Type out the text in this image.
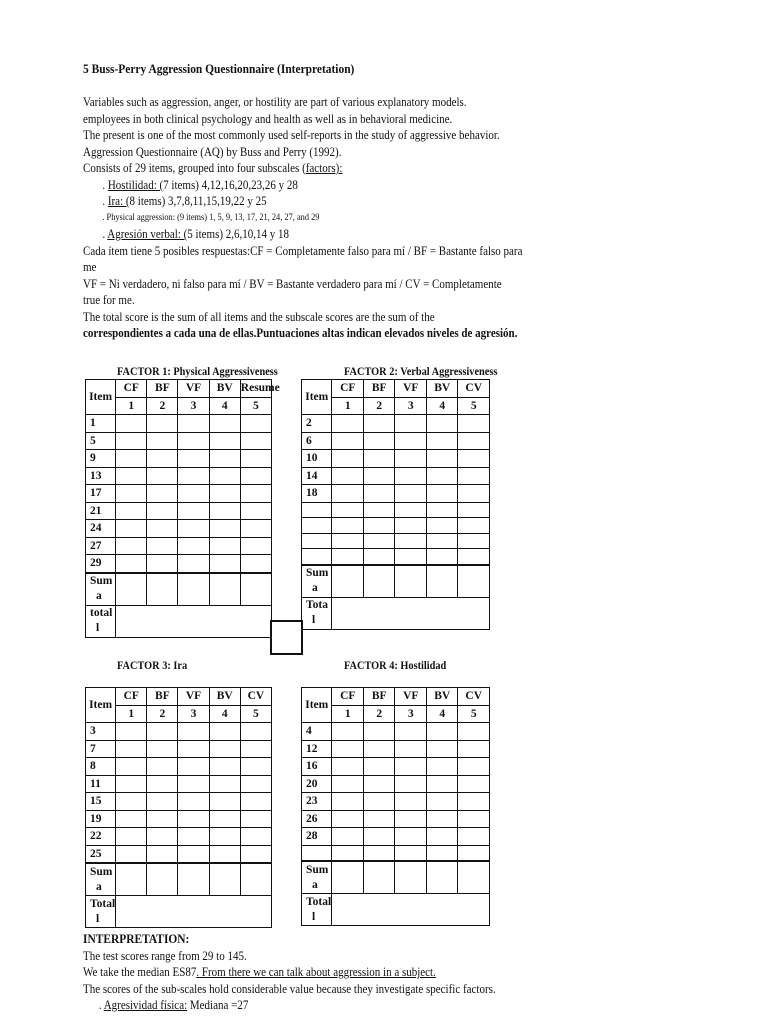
5 Buss-Perry Aggression Questionnaire (Interpretation)
Variables such as aggression, anger, or hostility are part of various explanatory models.
employees in both clinical psychology and health as well as in behavioral medicine.
The present is one of the most commonly used self-reports in the study of aggressive behavior.
Aggression Questionnaire (AQ) by Buss and Perry (1992).
Consists of 29 items, grouped into four subscales (factors):
. Hostilidad: (7 items) 4,12,16,20,23,26 y 28
. Ira: (8 items) 3,7,8,11,15,19,22 y 25
. Physical aggression: (9 items) 1, 5, 9, 13, 17, 21, 24, 27, and 29
. Agresión verbal: (5 items) 2,6,10,14 y 18
Cada ítem tiene 5 posibles respuestas:CF = Completamente falso para mí / BF = Bastante falso para
me
VF = Ni verdadero, ni falso para mí / BV = Bastante verdadero para mí / CV = Completamente
true for me.
The total score is the sum of all items and the subscale scores are the sum of the
correspondientes a cada una de ellas.Puntuaciones altas indican elevados niveles de agresión.
FACTOR 1: Physical Aggressiveness	FACTOR 2: Verbal Aggressiveness
FACTOR 3: Ira	FACTOR 4: Hostilidad
Item	CF	BF	VF	BV	Resume
	1	2	3	4	5
1					
5					
9					
13					
17					
21					
24					
27					
29					

Sum
a					

total
l					

Item	CF	BF	VF	BV	CV
	1	2	3	4	5
2					
6					
10					
14					
18					

Sum
a					

Tota
l					

Item	CF	BF	VF	BV	CV
	1	2	3	4	5
3					
7					
8					
11					
15					
19					
22					
25					

Sum
a					

Total
l					

Item	CF	BF	VF	BV	CV
	1	2	3	4	5
4					
12					
16					
20					
23					
26					
28					

Sum
a					

Total
l					

INTERPRETATION:
The test scores range from 29 to 145.
We take the median ES87. From there we can talk about aggression in a subject.
The scores of the sub-scales hold considerable value because they investigate specific factors.
. Agresividad física: Mediana =27
